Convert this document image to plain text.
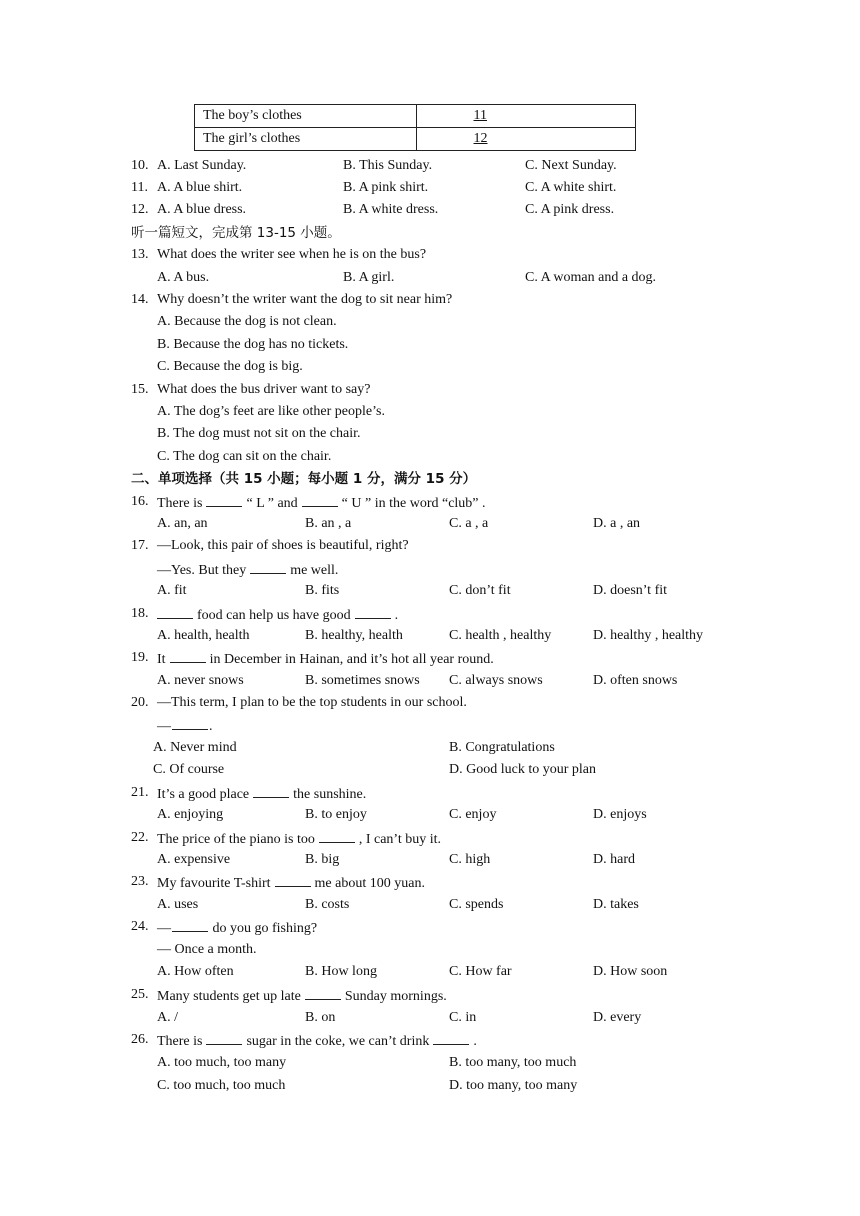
The boy’s clothes	11
The girl’s clothes	12
10. A. Last Sunday.	B. This Sunday.	C. Next Sunday.
11. A. A blue shirt.	B. A pink shirt.	C. A white shirt.
12. A. A blue dress.	B. A white dress.	C. A pink dress.
听一篇短文，完成第 13-15 小题。
13. What does the writer see when he is on the bus?
A. A bus.	B. A girl.	C. A woman and a dog.
14. Why doesn’t the writer want the dog to sit near him?
A. Because the dog is not clean.
B. Because the dog has no tickets.
C. Because the dog is big.
15. What does the bus driver want to say?
A. The dog’s feet are like other people’s.
B. The dog must not sit on the chair.
C. The dog can sit on the chair.
二、单项选择（共 15 小题；每小题 1 分，满分 15 分）
16. There is	“ L ” and	“ U ” in the word “club” .
A. an, an	B. an , a	C. a , a	D. a , an
17. —Look, this pair of shoes is beautiful, right?
—Yes. But they	me well.
A. fit	B. fits	C. don’t fit	D. doesn’t fit
18.	food can help us have good	.
A. health, health	B. healthy, health	C. health , healthy	D. healthy , healthy
19. It	in December in Hainan, and it’s hot all year round.
A. never snows	B. sometimes snows C. always snows	D. often snows
20. —This term, I plan to be the top students in our school.
—	.
A. Never mind	B. Congratulations
C. Of course	D. Good luck to your plan
21. It’s a good place	the sunshine.
A. enjoying	B. to enjoy	C. enjoy	D. enjoys
22. The price of the piano is too	, I can’t buy it.
A. expensive	B. big	C. high	D. hard
23. My favourite T-shirt	me about 100 yuan.
A. uses	B. costs	C. spends	D. takes
24. —	do you go fishing?
— Once a month.
A. How often	B. How long	C. How far	D. How soon
25. Many students get up late	Sunday mornings.
A. /	B. on	C. in	D. every
26. There is	sugar in the coke, we can’t drink	.
A. too much, too many	B. too many, too much
C. too much, too much	D. too many, too many
